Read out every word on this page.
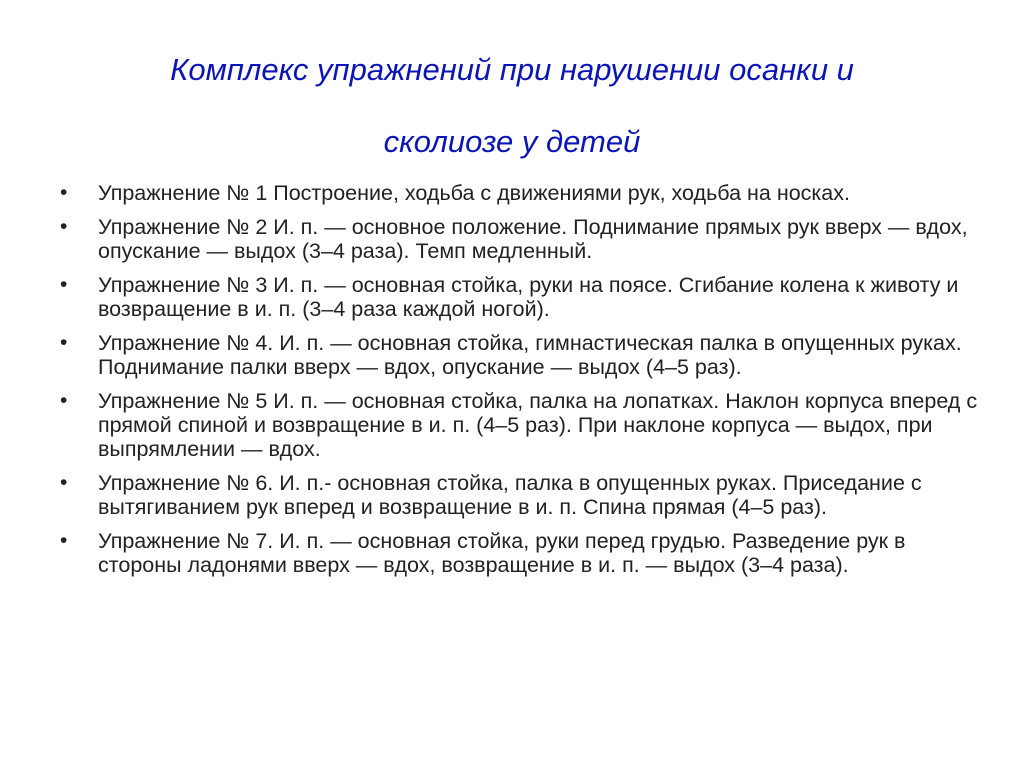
Комплекс упражнений при нарушении осанки и
сколиозе у детей
•	Упражнение № 1 Построение, ходьба с движениями рук, ходьба на носках.
•	Упражнение № 2 И. п. — основное положение. Поднимание прямых рук вверх — вдох, опускание — выдох (3–4 раза). Темп медленный.
•	Упражнение № 3 И. п. — основная стойка, руки на поясе. Сгибание колена к животу и возвращение в и. п. (3–4 раза каждой ногой).
•	Упражнение № 4. И. п. — основная стойка, гимнастическая палка в опущенных руках. Поднимание палки вверх — вдох, опускание — выдох (4–5 раз).
•	Упражнение № 5 И. п. — основная стойка, палка на лопатках. Наклон корпуса вперед с прямой спиной и возвращение в и. п. (4–5 раз). При наклоне корпуса — выдох, при выпрямлении — вдох.
•	Упражнение № 6. И. п.- основная стойка, палка в опущенных руках. Приседание с вытягиванием рук вперед и возвращение в и. п. Спина прямая (4–5 раз).
•	Упражнение № 7. И. п. — основная стойка, руки перед грудью. Разведение рук в стороны ладонями вверх — вдох, возвращение в и. п. — выдох (3–4 раза).
